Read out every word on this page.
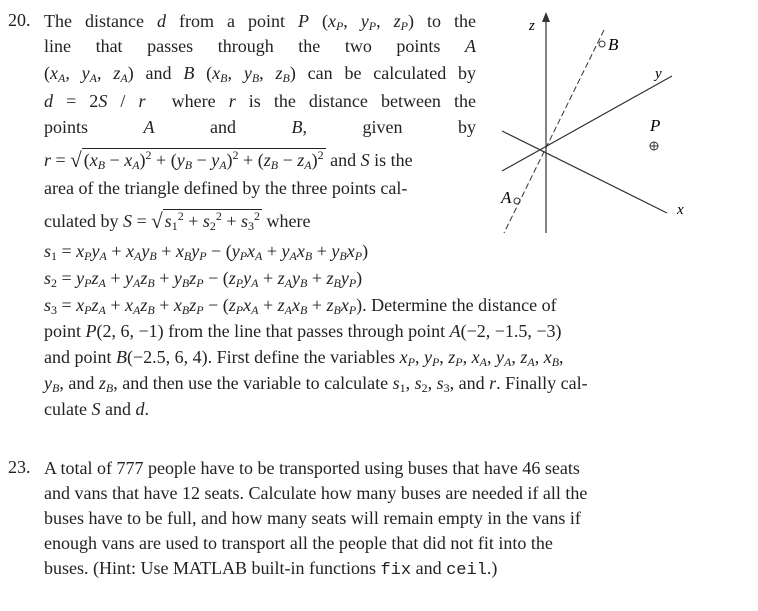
20. The distance d from a point P ($x_P$, $y_P$, $z_P$) to the
line that passes through the two points A
($x_A$, $y_A$, $z_A$) and B ($x_B$, $y_B$, $z_B$) can be calculated by
d = 2S / r  where r is the distance between the
points         A         and         B,         given         by
r = √ $(x_B - x_A)^2 + (y_B - y_A)^2 + (z_B - z_A)^2$ and S is the
area of the triangle defined by the three points cal-
culated by S = √ $s_1^2 + s_2^2 + s_3^2$ where
$s_1 = x_Py_A + x_Ay_B + x_By_P - (y_Px_A + y_Ax_B + y_Bx_P)$
$s_2 = y_Pz_A + y_Az_B + y_Bz_P - (z_Py_A + z_Ay_B + z_By_P)$
$s_3 = x_Pz_A + x_Az_B + x_Bz_P - (z_Px_A + z_Ax_B + z_Bx_P)$. Determine the distance of
point P(2, 6, −1) from the line that passes through point A(−2, −1.5, −3)
and point B(−2.5, 6, 4). First define the variables $x_P$, $y_P$, $z_P$, $x_A$, $y_A$, $z_A$, $x_B$,
$y_B$, and $z_B$, and then use the variable to calculate $s_1$, $s_2$, $s_3$, and r. Finally cal-
culate S and d.
z
y
x
B
A
P
23. A total of 777 people have to be transported using buses that have 46 seats
and vans that have 12 seats. Calculate how many buses are needed if all the
buses have to be full, and how many seats will remain empty in the vans if
enough vans are used to transport all the people that did not fit into the
buses. (Hint: Use MATLAB built-in functions fix and ceil.)
